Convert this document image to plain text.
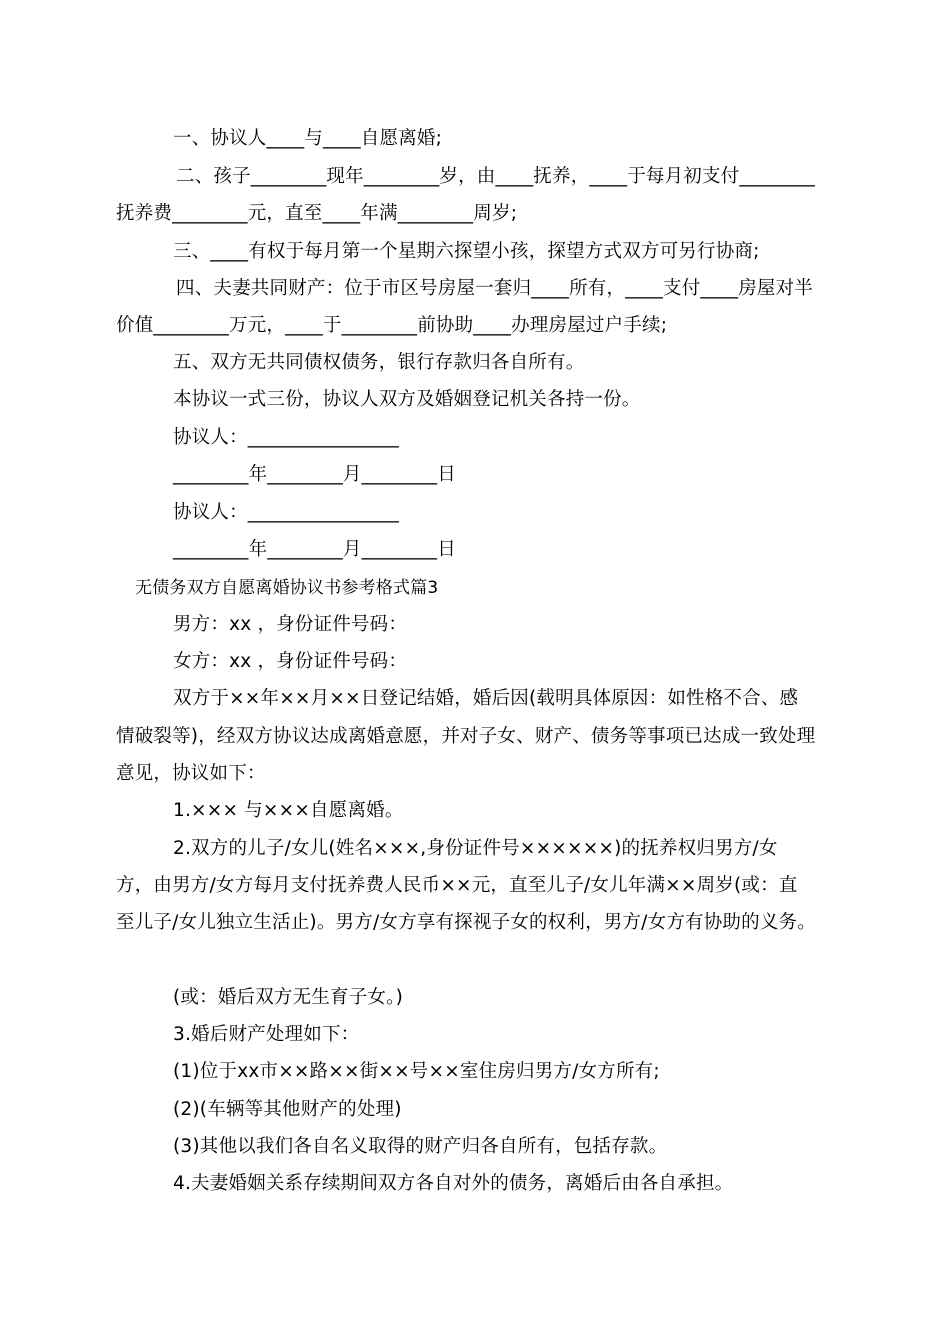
一、协议人____与____自愿离婚;
二、孩子________现年________岁，由____抚养，____于每月初支付________
抚养费________元，直至____年满________周岁;
三、____有权于每月第一个星期六探望小孩，探望方式双方可另行协商;
四、夫妻共同财产：位于市区号房屋一套归____所有，____支付____房屋对半
价值________万元，____于________前协助____办理房屋过户手续;
五、双方无共同债权债务，银行存款归各自所有。
本协议一式三份，协议人双方及婚姻登记机关各持一份。
协议人：________________
________年________月________日
协议人：________________
________年________月________日
无债务双方自愿离婚协议书参考格式篇3
男方：xx ，身份证件号码：
女方：xx ，身份证件号码：
双方于××年××月××日登记结婚，婚后因(载明具体原因：如性格不合、感
情破裂等)，经双方协议达成离婚意愿，并对子女、财产、债务等事项已达成一致处理
意见，协议如下：
1.××× 与×××自愿离婚。
2.双方的儿子/女儿(姓名×××,身份证件号××××××)的抚养权归男方/女
方，由男方/女方每月支付抚养费人民币××元，直至儿子/女儿年满××周岁(或：直
至儿子/女儿独立生活止)。男方/女方享有探视子女的权利，男方/女方有协助的义务。
(或：婚后双方无生育子女。)
3.婚后财产处理如下：
(1)位于xx市××路××街××号××室住房归男方/女方所有;
(2)(车辆等其他财产的处理)
(3)其他以我们各自名义取得的财产归各自所有，包括存款。
4.夫妻婚姻关系存续期间双方各自对外的债务，离婚后由各自承担。
